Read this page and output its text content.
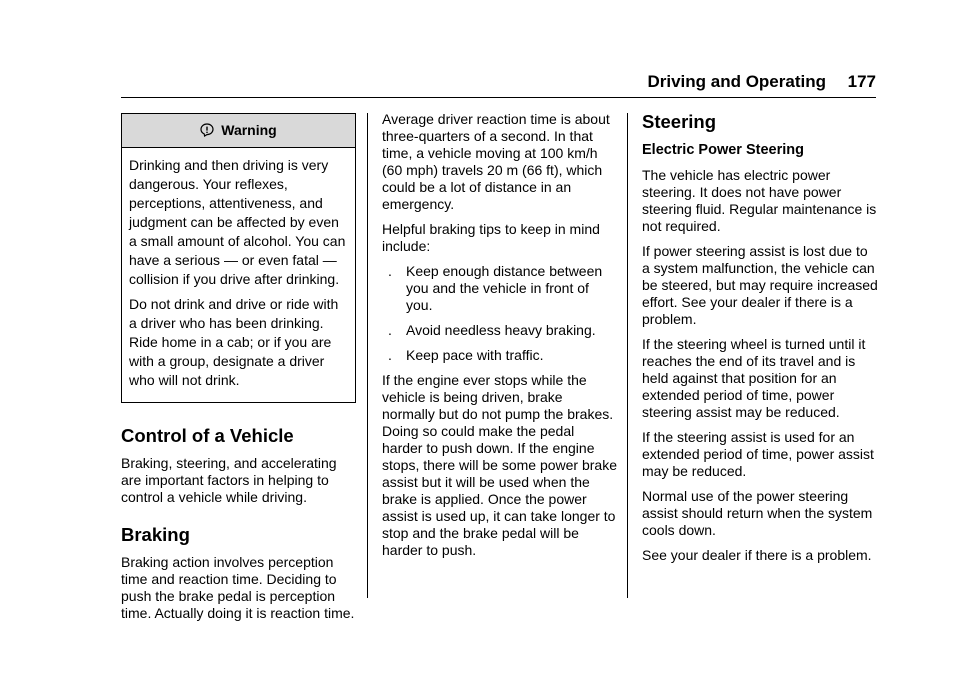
Driving and Operating 177
Warning

Drinking and then driving is very dangerous. Your reflexes, perceptions, attentiveness, and judgment can be affected by even a small amount of alcohol. You can have a serious — or even fatal — collision if you drive after drinking.

Do not drink and drive or ride with a driver who has been drinking. Ride home in a cab; or if you are with a group, designate a driver who will not drink.

Control of a Vehicle

Braking, steering, and accelerating are important factors in helping to control a vehicle while driving.

Braking

Braking action involves perception time and reaction time. Deciding to push the brake pedal is perception time. Actually doing it is reaction time.

Average driver reaction time is about three-quarters of a second. In that time, a vehicle moving at 100 km/h (60 mph) travels 20 m (66 ft), which could be a lot of distance in an emergency.

Helpful braking tips to keep in mind include:

.	Keep enough distance between you and the vehicle in front of you.
.	Avoid needless heavy braking.
.	Keep pace with traffic.

If the engine ever stops while the vehicle is being driven, brake normally but do not pump the brakes. Doing so could make the pedal harder to push down. If the engine stops, there will be some power brake assist but it will be used when the brake is applied. Once the power assist is used up, it can take longer to stop and the brake pedal will be harder to push.

Steering
Electric Power Steering

The vehicle has electric power steering. It does not have power steering fluid. Regular maintenance is not required.

If power steering assist is lost due to a system malfunction, the vehicle can be steered, but may require increased effort. See your dealer if there is a problem.

If the steering wheel is turned until it reaches the end of its travel and is held against that position for an extended period of time, power steering assist may be reduced.

If the steering assist is used for an extended period of time, power assist may be reduced.

Normal use of the power steering assist should return when the system cools down.

See your dealer if there is a problem.
